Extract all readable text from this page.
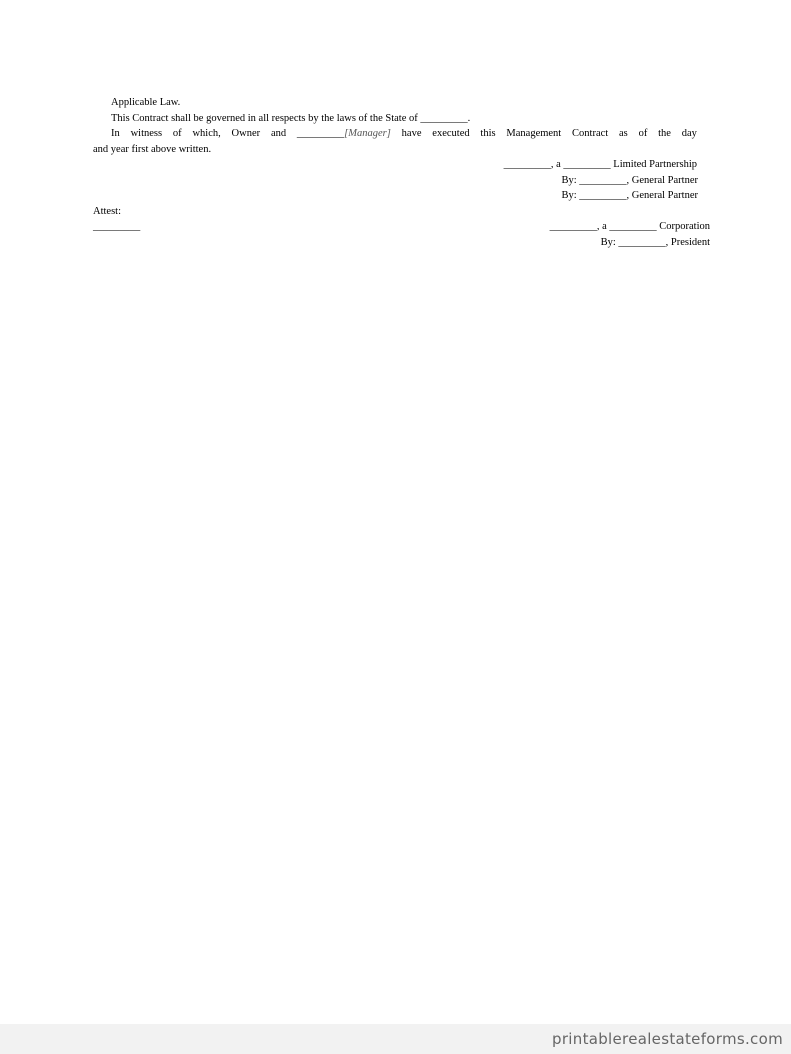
Applicable Law.
This Contract shall be governed in all respects by the laws of the State of _________.
In witness of which, Owner and _________[Manager] have executed this Management Contract as of the day
and year first above written.
_________, a _________ Limited Partnership
By: _________, General Partner
By: _________, General Partner
Attest:
_________	_________, a _________ Corporation
By: _________, President
printablerealestateforms.com
